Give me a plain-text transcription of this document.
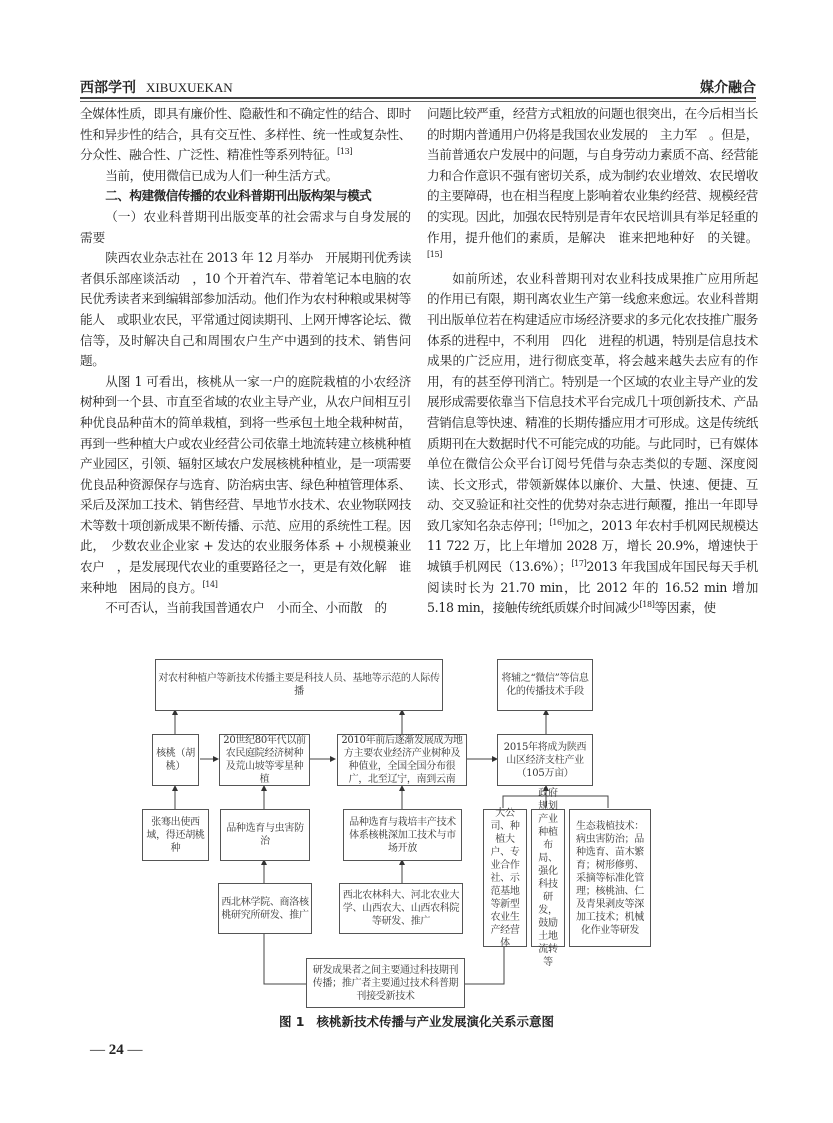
西部学刊 XIBUXUEKAN	媒介融合

全媒体性质，即具有廉价性、隐蔽性和不确定性的结合、即时性和异步性的结合，具有交互性、多样性、统一性或复杂性、分众性、融合性、广泛性、精准性等系列特征。[13]

当前，使用微信已成为人们一种生活方式。

二、构建微信传播的农业科普期刊出版构架与模式

（一）农业科普期刊出版变革的社会需求与自身发展的需要

陕西农业杂志社在 2013 年 12 月举办　开展期刊优秀读者俱乐部座谈活动　，10 个开着汽车、带着笔记本电脑的农民优秀读者来到编辑部参加活动。他们作为农村种粮或果树等　能人　或职业农民，平常通过阅读期刊、上网开博客论坛、微信等，及时解决自己和周围农户生产中遇到的技术、销售问题。

从图 1 可看出，核桃从一家一户的庭院栽植的小农经济树种到一个县、市直至省域的农业主导产业，从农户间相互引种优良品种苗木的简单栽植，到将一些承包土地全栽种树苗，再到一些种植大户或农业经营公司依靠土地流转建立核桃种植产业园区，引领、辐射区域农户发展核桃种植业，是一项需要优良品种资源保存与选育、防治病虫害、绿色种植管理体系、采后及深加工技术、销售经营、旱地节水技术、农业物联网技术等数十项创新成果不断传播、示范、应用的系统性工程。因此，　少数农业企业家 + 发达的农业服务体系 + 小规模兼业农户　，是发展现代农业的重要路径之一，更是有效化解　谁来种地　困局的良方。[14]

不可否认，当前我国普通农户　小而全、小而散　的

问题比较严重，经营方式粗放的问题也很突出，在今后相当长的时期内普通用户仍将是我国农业发展的　主力军　。但是，当前普通农户发展中的问题，与自身劳动力素质不高、经营能力和合作意识不强有密切关系，成为制约农业增效、农民增收的主要障碍，也在相当程度上影响着农业集约经营、规模经营的实现。因此，加强农民特别是青年农民培训具有举足轻重的作用，提升他们的素质，是解决　谁来把地种好　的关键。[15]

如前所述，农业科普期刊对农业科技成果推广应用所起的作用已有限，期刊离农业生产第一线愈来愈远。农业科普期刊出版单位若在构建适应市场经济要求的多元化农技推广服务体系的进程中，不利用　四化　进程的机遇，特别是信息技术成果的广泛应用，进行彻底变革，将会越来越失去应有的作用，有的甚至停刊消亡。特别是一个区域的农业主导产业的发展形成需要依靠当下信息技术平台完成几十项创新技术、产品营销信息等快速、精准的长期传播应用才可形成。这是传统纸质期刊在大数据时代不可能完成的功能。与此同时，已有媒体单位在微信公众平台订阅号凭借与杂志类似的专题、深度阅读、长文形式，带领新媒体以廉价、大量、快速、便捷、互动、交叉验证和社交性的优势对杂志进行颠覆，推出一年即导致几家知名杂志停刊；[16]加之，2013 年农村手机网民规模达 11 722 万，比上年增加 2028 万，增长 20.9%，增速快于城镇手机网民（13.6%）；[17]2013 年我国成年国民每天手机阅读时长为 21.70 min，比 2012 年的 16.52 min 增加 5.18 min，接触传统纸质媒介时间减少[18]等因素，使

对农村种植户等新技术传播主要是科技人员、基地等示范的人际传播
将辅之“微信”等信息化的传播技术手段
核桃（胡桃）
20世纪80年代以前农民庭院经济树种及荒山坡等零星种植
2010年前后逐渐发展成为地方主要农业经济产业树种及种值业，全国全国分布很广，北至辽宁，南到云南
2015年将成为陕西山区经济支柱产业（105万亩）
张骞出使西域，得还胡桃种
品种选育与虫害防治
品种选育与栽培丰产技术体系核桃深加工技术与市场开放
大公司、种植大户、专业合作社、示范基地等新型农业生产经营体
政府规划产业种植布局、强化科技研发，鼓励土地流转等
生态栽植技术：病虫害防治；品种选育、苗木繁育；树形修剪、采摘等标准化管理；核桃油、仁及青果剥皮等深加工技术；机械化作业等研发
西北林学院、商洛核桃研究所研发、推广
西北农林科大、河北农业大学、山西农大、山西农科院等研发、推广
研发成果者之间主要通过科技期刊传播；推广者主要通过技术科普期刊接受新技术
图 1 核桃新技术传播与产业发展演化关系示意图
— 24 —
